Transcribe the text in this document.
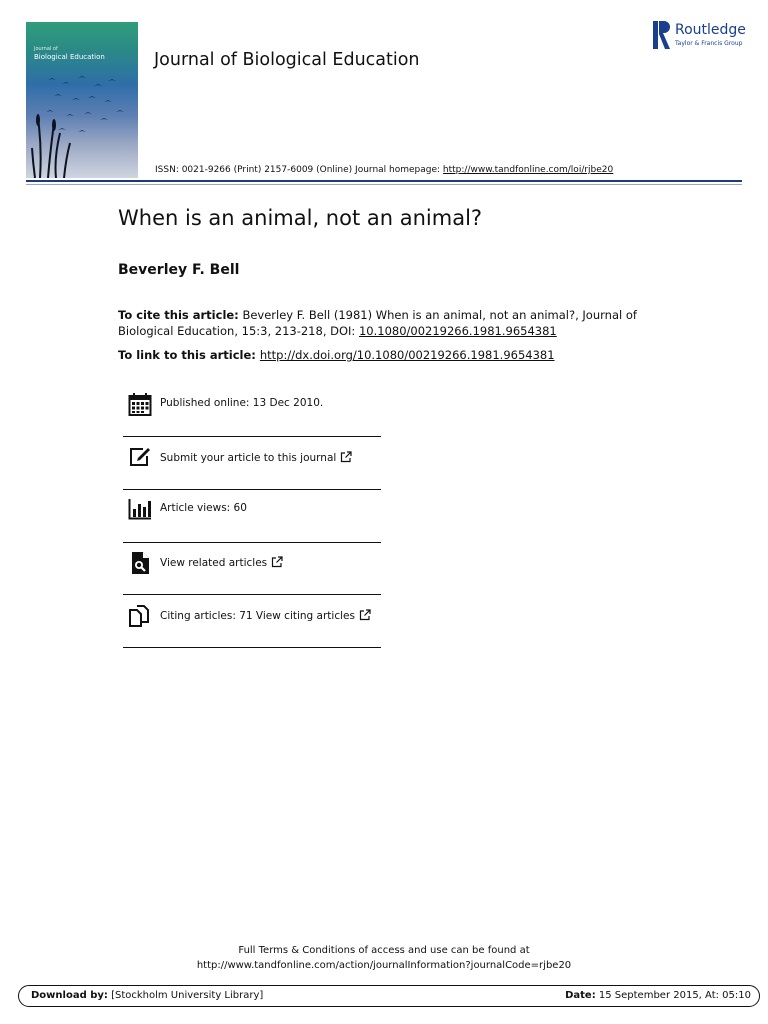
Journal of
Biological Education	Journal of Biological Education
ISSN: 0021-9266 (Print) 2157-6009 (Online) Journal homepage: http://www.tandfonline.com/loi/rjbe20
Routledge
Taylor & Francis Group
When is an animal, not an animal?
Beverley F. Bell
To cite this article: Beverley F. Bell (1981) When is an animal, not an animal?, Journal of Biological Education, 15:3, 213-218, DOI: 10.1080/00219266.1981.9654381
To link to this article: http://dx.doi.org/10.1080/00219266.1981.9654381
Published online: 13 Dec 2010.
Submit your article to this journal
Article views: 60
View related articles
Citing articles: 71 View citing articles
Full Terms & Conditions of access and use can be found at
http://www.tandfonline.com/action/journalInformation?journalCode=rjbe20
Download by: [Stockholm University Library]	Date: 15 September 2015, At: 05:10
